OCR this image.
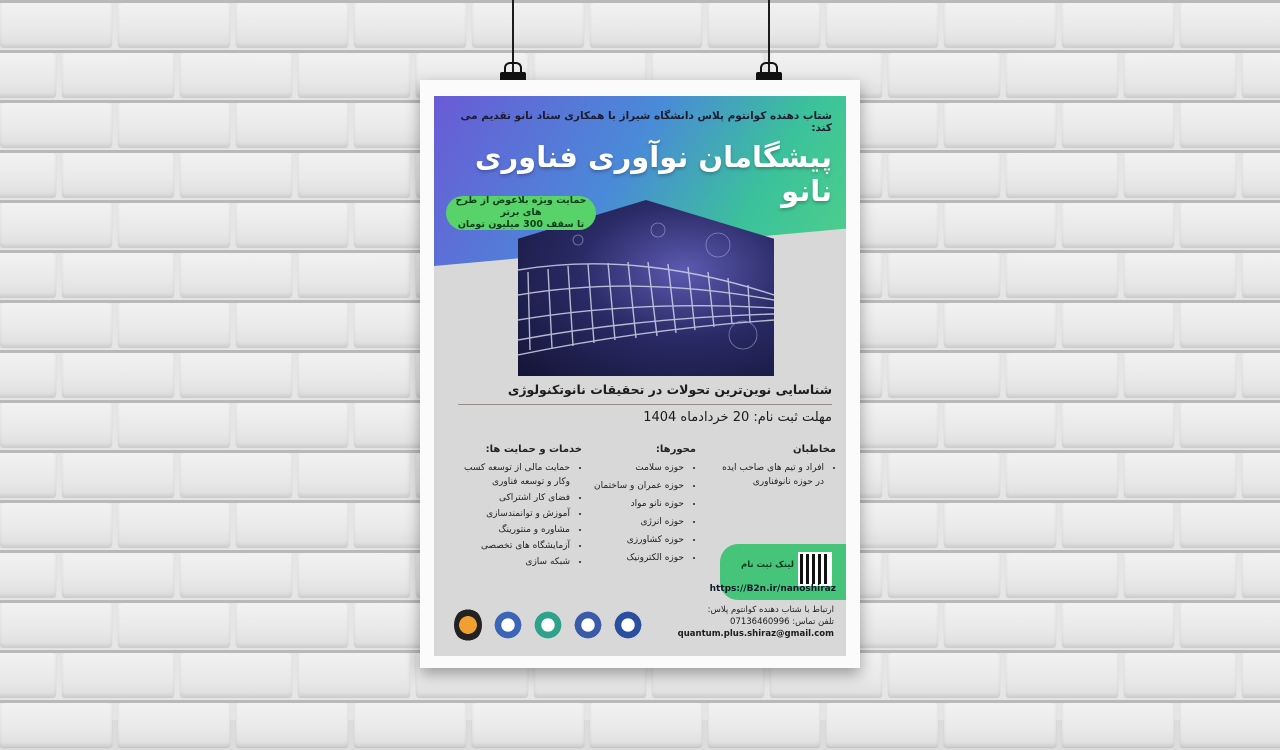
شتاب دهنده کوانتوم پلاس دانشگاه شیراز با همکاری ستاد نانو تقدیم می کند:
پیشگامان نوآوری فناوری نانو
حمایت ویژه بلاعوض از طرح های برتر
تا سقف 300 میلیون تومان
شناسایی نوین‌ترین تحولات در تحقیقات نانوتکنولوژی
مهلت ثبت نام: 20 خردادماه 1404
مخاطبان
• افراد و تیم های صاحب ایده در حوزه نانوفناوری
محورها:
• حوزه سلامت
• حوزه عمران و ساختمان
• حوزه نانو مواد
• حوزه انرژی
• حوزه کشاورزی
• حوزه الکترونیک
خدمات و حمایت ها:
• حمایت مالی از توسعه کسب وکار و توسعه فناوری
• فضای کار اشتراکی
• آموزش و توانمندسازی
• مشاوره و منتورینگ
• آزمایشگاه های تخصصی
• شبکه سازی	لینک ثبت نام
https://B2n.ir/nanoshiraz
ارتباط با شتاب دهنده کوانتوم پلاس:
تلفن تماس: 07136460996
quantum.plus.shiraz@gmail.com
